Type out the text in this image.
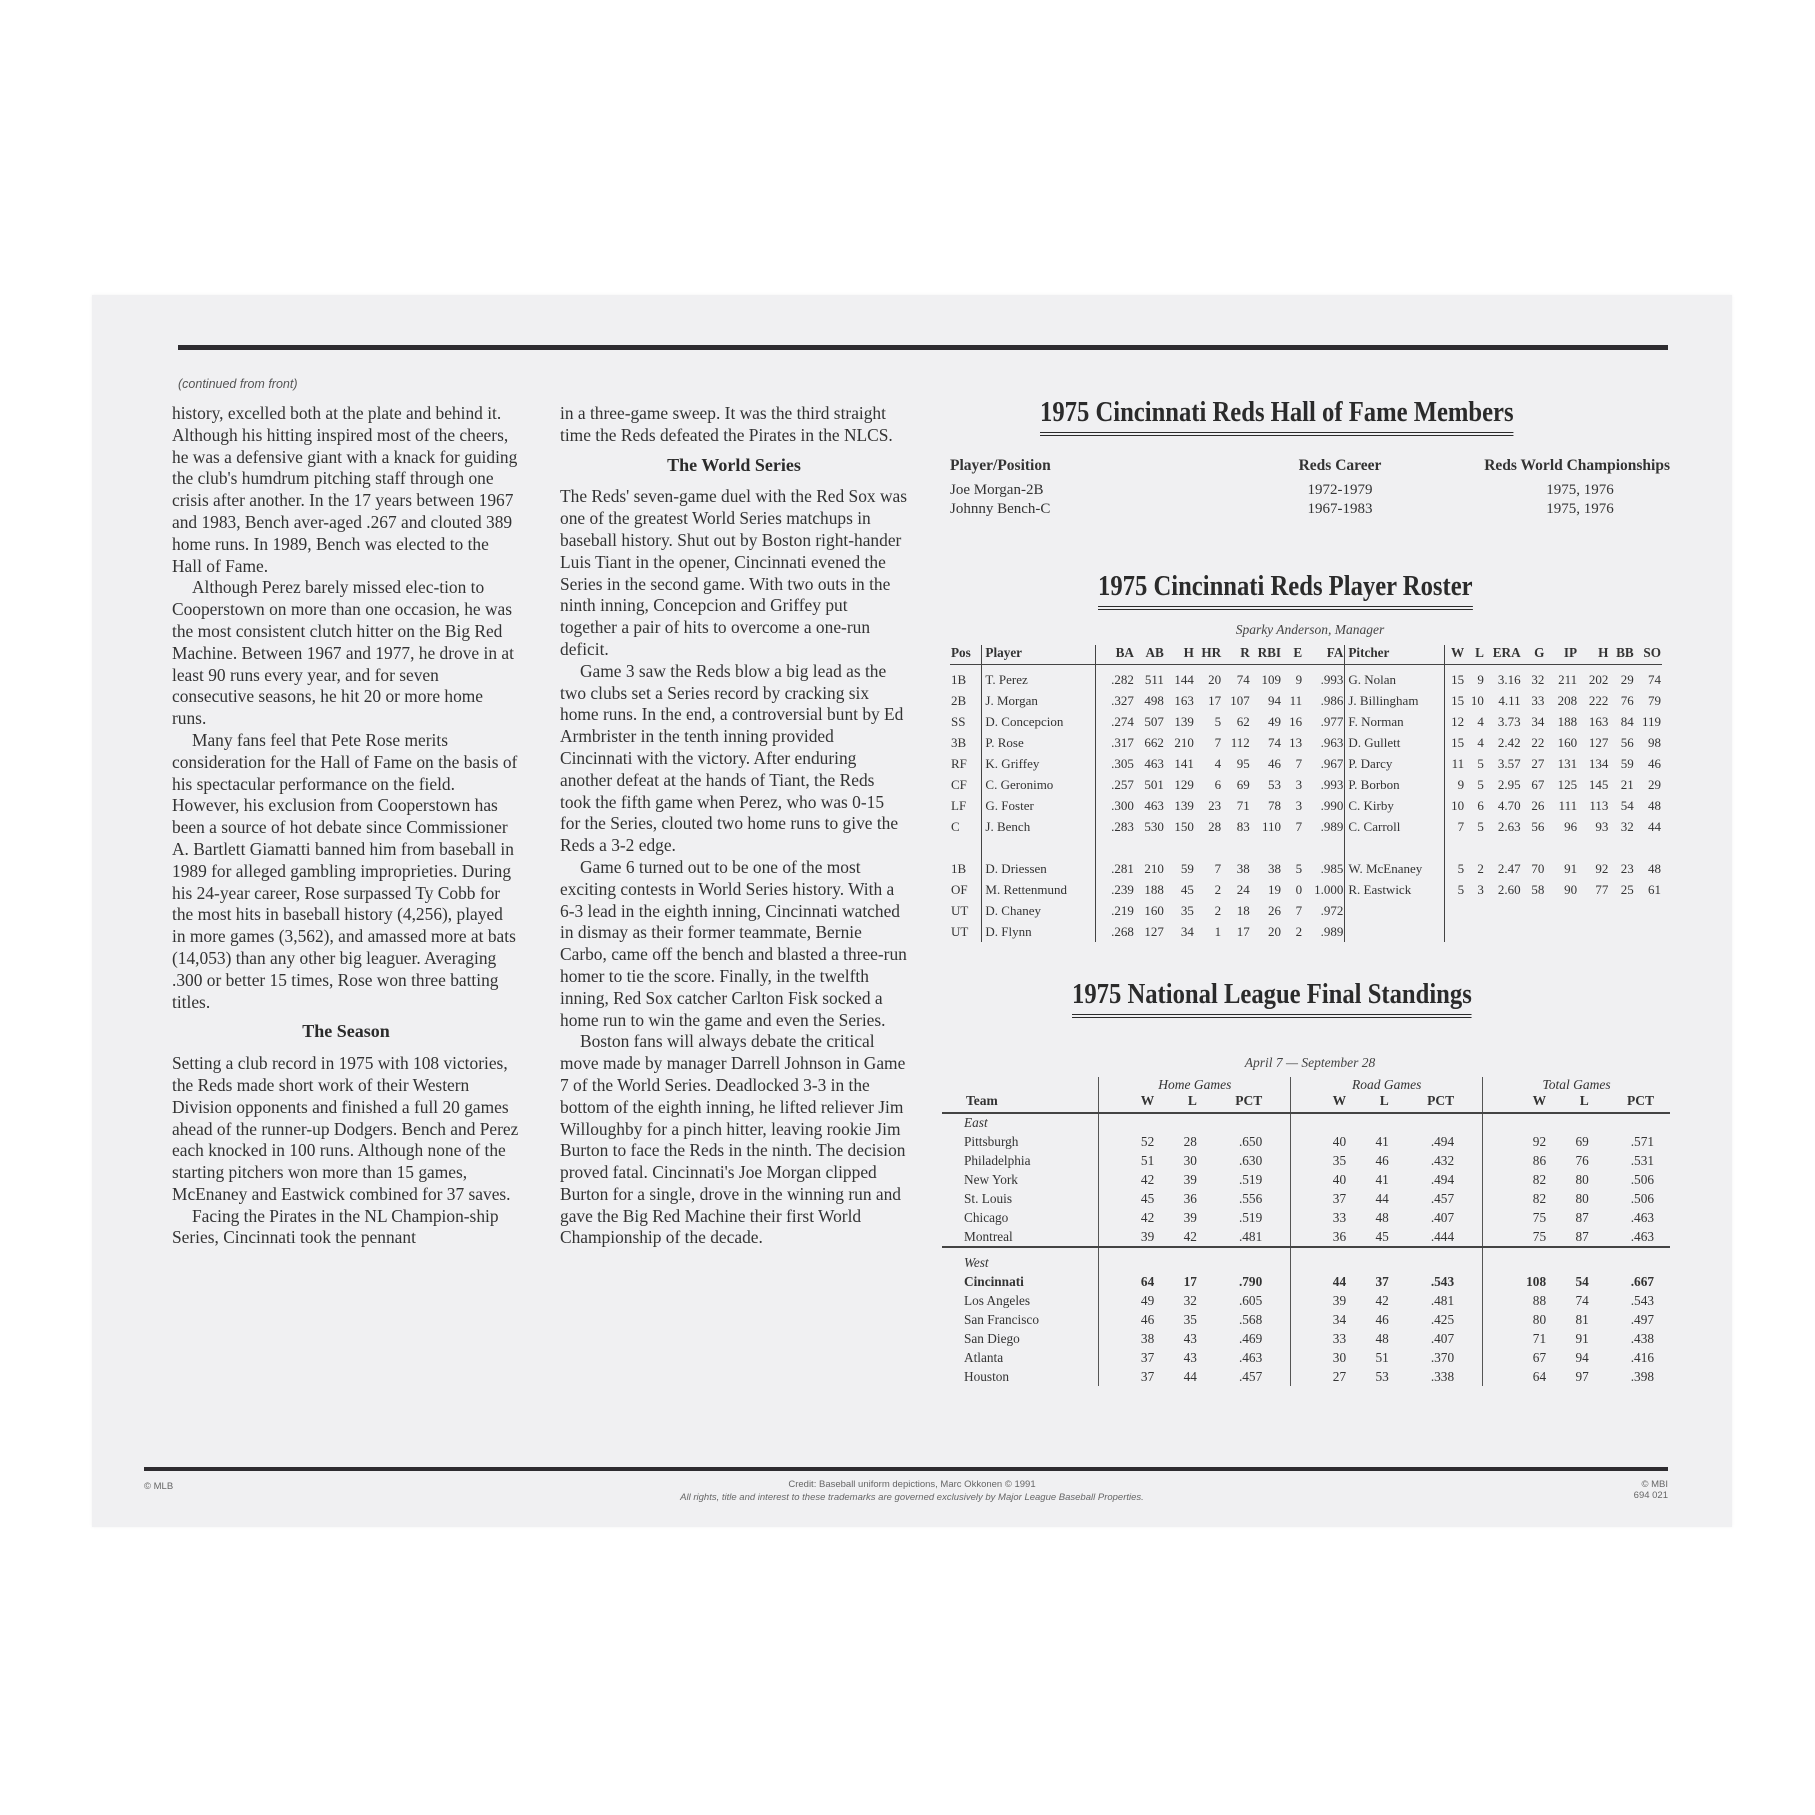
(continued from front)

history, excelled both at the plate and behind it. Although his hitting inspired most of the cheers, he was a defensive giant with a knack for guiding the club's humdrum pitching staff through one crisis after another. In the 17 years between 1967 and 1983, Bench aver-aged .267 and clouted 389 home runs. In 1989, Bench was elected to the Hall of Fame.

Although Perez barely missed elec-tion to Cooperstown on more than one occasion, he was the most consistent clutch hitter on the Big Red Machine. Between 1967 and 1977, he drove in at least 90 runs every year, and for seven consecutive seasons, he hit 20 or more home runs.

Many fans feel that Pete Rose merits consideration for the Hall of Fame on the basis of his spectacular performance on the field. However, his exclusion from Cooperstown has been a source of hot debate since Commissioner A. Bartlett Giamatti banned him from baseball in 1989 for alleged gambling improprieties. During his 24-year career, Rose surpassed Ty Cobb for the most hits in baseball history (4,256), played in more games (3,562), and amassed more at bats (14,053) than any other big leaguer. Averaging .300 or better 15 times, Rose won three batting titles.

The Season

Setting a club record in 1975 with 108 victories, the Reds made short work of their Western Division opponents and finished a full 20 games ahead of the runner-up Dodgers. Bench and Perez each knocked in 100 runs. Although none of the starting pitchers won more than 15 games, McEnaney and Eastwick combined for 37 saves.

Facing the Pirates in the NL Champion-ship Series, Cincinnati took the pennant

in a three-game sweep. It was the third straight time the Reds defeated the Pirates in the NLCS.

The World Series

The Reds' seven-game duel with the Red Sox was one of the greatest World Series matchups in baseball history. Shut out by Boston right-hander Luis Tiant in the opener, Cincinnati evened the Series in the second game. With two outs in the ninth inning, Concepcion and Griffey put together a pair of hits to overcome a one-run deficit.

Game 3 saw the Reds blow a big lead as the two clubs set a Series record by cracking six home runs. In the end, a controversial bunt by Ed Armbrister in the tenth inning provided Cincinnati with the victory. After enduring another defeat at the hands of Tiant, the Reds took the fifth game when Perez, who was 0-15 for the Series, clouted two home runs to give the Reds a 3-2 edge.

Game 6 turned out to be one of the most exciting contests in World Series history. With a 6-3 lead in the eighth inning, Cincinnati watched in dismay as their former teammate, Bernie Carbo, came off the bench and blasted a three-run homer to tie the score. Finally, in the twelfth inning, Red Sox catcher Carlton Fisk socked a home run to win the game and even the Series.

Boston fans will always debate the critical move made by manager Darrell Johnson in Game 7 of the World Series. Deadlocked 3-3 in the bottom of the eighth inning, he lifted reliever Jim Willoughby for a pinch hitter, leaving rookie Jim Burton to face the Reds in the ninth. The decision proved fatal. Cincinnati's Joe Morgan clipped Burton for a single, drove in the winning run and gave the Big Red Machine their first World Championship of the decade.

1975 Cincinnati Reds Hall of Fame Members
Player/Position	Reds Career	Reds World Championships
Joe Morgan-2B	1972-1979	1975, 1976
Johnny Bench-C	1967-1983	1975, 1976
1975 Cincinnati Reds Player Roster
Sparky Anderson, Manager
Pos	Player	BA	AB	H	HR	R	RBI	E	FA	Pitcher	W	L	ERA	G	IP	H	BB	SO
1B	T. Perez	.282	511	144	20	74	109	9	.993	G. Nolan	15	9	3.16	32	211	202	29	74
2B	J. Morgan	.327	498	163	17	107	94	11	.986	J. Billingham	15	10	4.11	33	208	222	76	79
SS	D. Concepcion	.274	507	139	5	62	49	16	.977	F. Norman	12	4	3.73	34	188	163	84	119
3B	P. Rose	.317	662	210	7	112	74	13	.963	D. Gullett	15	4	2.42	22	160	127	56	98
RF	K. Griffey	.305	463	141	4	95	46	7	.967	P. Darcy	11	5	3.57	27	131	134	59	46
CF	C. Geronimo	.257	501	129	6	69	53	3	.993	P. Borbon	9	5	2.95	67	125	145	21	29
LF	G. Foster	.300	463	139	23	71	78	3	.990	C. Kirby	10	6	4.70	26	111	113	54	48
C	J. Bench	.283	530	150	28	83	110	7	.989	C. Carroll	7	5	2.63	56	96	93	32	44

1B	D. Driessen	.281	210	59	7	38	38	5	.985	W. McEnaney	5	2	2.47	70	91	92	23	48
OF	M. Rettenmund	.239	188	45	2	24	19	0	1.000	R. Eastwick	5	3	2.60	58	90	77	25	61
UT	D. Chaney	.219	160	35	2	18	26	7	.972									
UT	D. Flynn	.268	127	34	1	17	20	2	.989									
1975 National League Final Standings
April 7 — September 28
	Home Games			Road Games			Total Games		
Team	W	L	PCT	W	L	PCT	W	L	PCT
East									
Pittsburgh	52	28	.650	40	41	.494	92	69	.571
Philadelphia	51	30	.630	35	46	.432	86	76	.531
New York	42	39	.519	40	41	.494	82	80	.506
St. Louis	45	36	.556	37	44	.457	82	80	.506
Chicago	42	39	.519	33	48	.407	75	87	.463
Montreal	39	42	.481	36	45	.444	75	87	.463

West									
Cincinnati	64	17	.790	44	37	.543	108	54	.667
Los Angeles	49	32	.605	39	42	.481	88	74	.543
San Francisco	46	35	.568	34	46	.425	80	81	.497
San Diego	38	43	.469	33	48	.407	71	91	.438
Atlanta	37	43	.463	30	51	.370	67	94	.416
Houston	37	44	.457	27	53	.338	64	97	.398
© MLB	Credit: Baseball uniform depictions, Marc Okkonen © 1991
All rights, title and interest to these trademarks are governed exclusively by Major League Baseball Properties.
© MBI
694 021
